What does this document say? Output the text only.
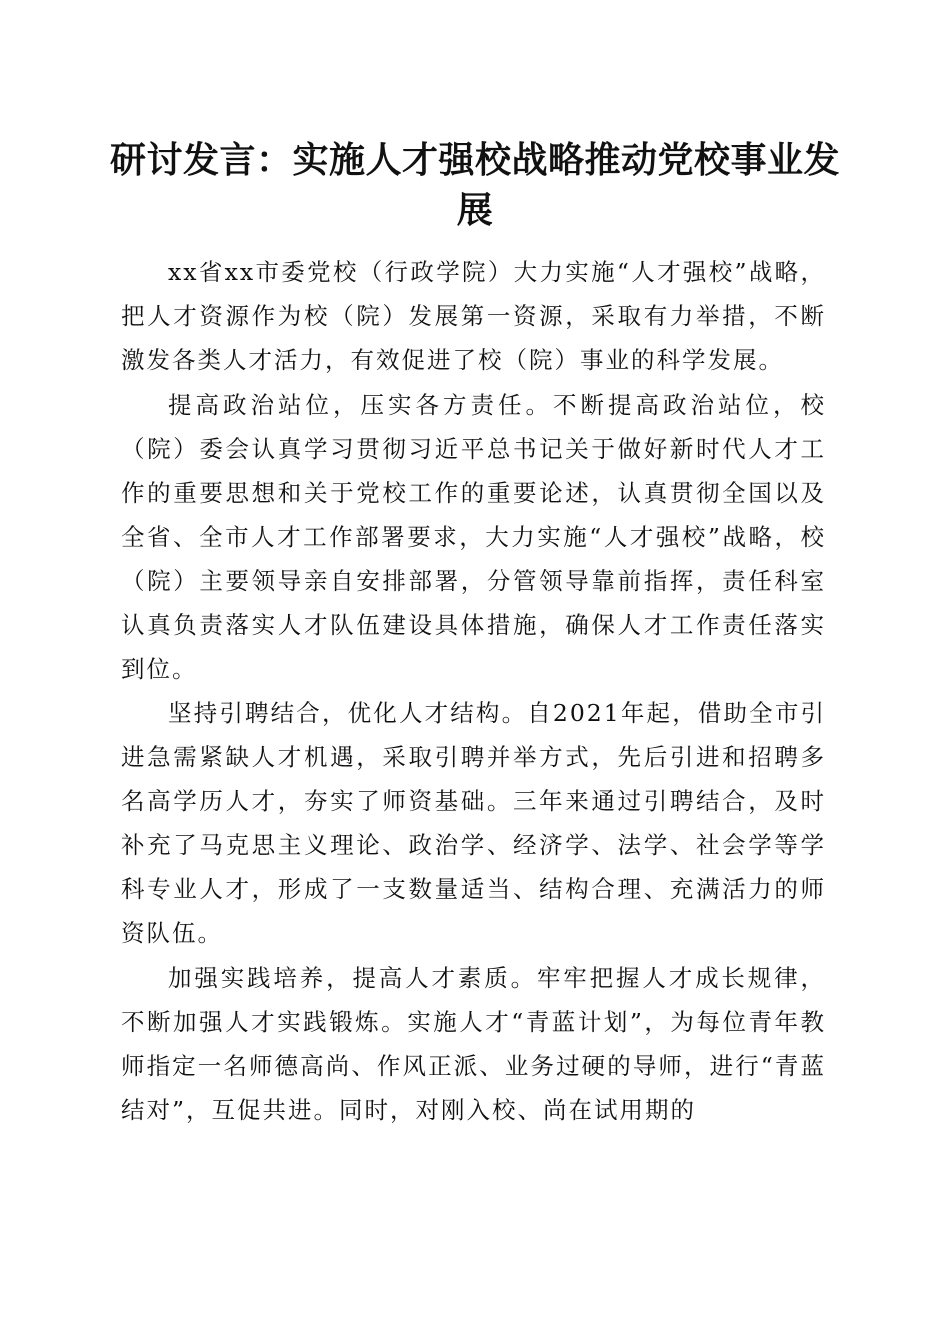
研讨发言：实施人才强校战略推动党校事业发展

xx省xx市委党校（行政学院）大力实施“人才强校”战略，把人才资源作为校（院）发展第一资源，采取有力举措，不断激发各类人才活力，有效促进了校（院）事业的科学发展。

提高政治站位，压实各方责任。不断提高政治站位，校（院）委会认真学习贯彻习近平总书记关于做好新时代人才工作的重要思想和关于党校工作的重要论述，认真贯彻全国以及全省、全市人才工作部署要求，大力实施“人才强校”战略，校（院）主要领导亲自安排部署，分管领导靠前指挥，责任科室认真负责落实人才队伍建设具体措施，确保人才工作责任落实到位。

坚持引聘结合，优化人才结构。自2021年起，借助全市引进急需紧缺人才机遇，采取引聘并举方式，先后引进和招聘多名高学历人才，夯实了师资基础。三年来通过引聘结合，及时补充了马克思主义理论、政治学、经济学、法学、社会学等学科专业人才，形成了一支数量适当、结构合理、充满活力的师资队伍。

加强实践培养，提高人才素质。牢牢把握人才成长规律，不断加强人才实践锻炼。实施人才“青蓝计划”，为每位青年教师指定一名师德高尚、作风正派、业务过硬的导师，进行“青蓝结对”，互促共进。同时，对刚入校、尚在试用期的
